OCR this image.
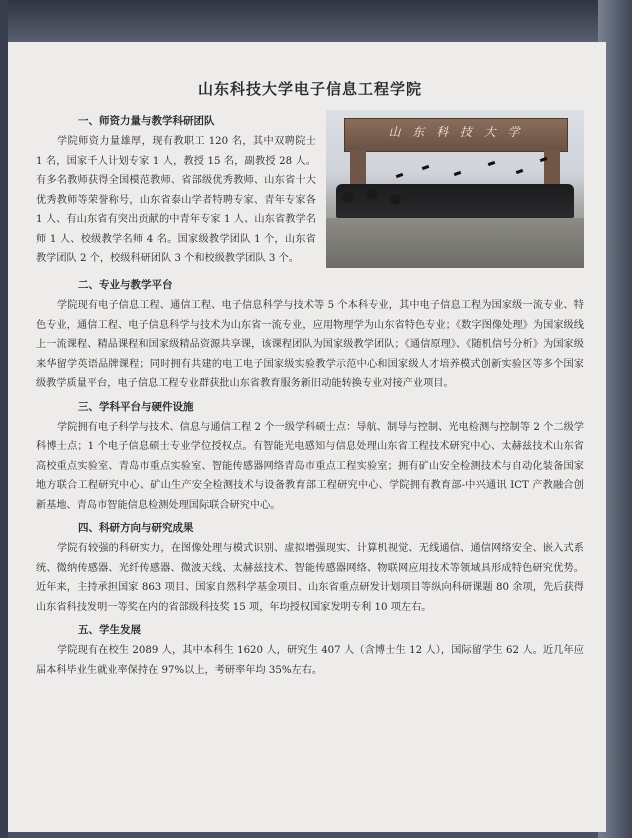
山东科技大学电子信息工程学院
山 东 科 技 大 学
一、师资力量与教学科研团队
学院师资力量雄厚，现有教职工 120 名，其中双聘院士 1 名，国家千人计划专家 1 人，教授 15 名，副教授 28 人。有多名教师获得全国模范教师、省部级优秀教师、山东省十大优秀教师等荣誉称号，山东省泰山学者特聘专家、青年专家各 1 人、有山东省有突出贡献的中青年专家 1 人、山东省教学名师 1 人、校级教学名师 4 名。国家级教学团队 1 个，山东省教学团队 2 个，校级科研团队 3 个和校级教学团队 3 个。
二、专业与教学平台
学院现有电子信息工程、通信工程、电子信息科学与技术等 5 个本科专业，其中电子信息工程为国家级一流专业、特色专业，通信工程、电子信息科学与技术为山东省一流专业，应用物理学为山东省特色专业；《数字图像处理》为国家级线上一流课程、精品课程和国家级精品资源共享课，该课程团队为国家级教学团队；《通信原理》、《随机信号分析》为国家级来华留学英语品牌课程；同时拥有共建的电工电子国家级实验教学示范中心和国家级人才培养模式创新实验区等多个国家级教学质量平台，电子信息工程专业群获批山东省教育服务新旧动能转换专业对接产业项目。
三、学科平台与硬件设施
学院拥有电子科学与技术、信息与通信工程 2 个一级学科硕士点：导航、制导与控制、光电检测与控制等 2 个二级学科博士点；1 个电子信息硕士专业学位授权点。有智能光电感知与信息处理山东省工程技术研究中心、太赫兹技术山东省高校重点实验室、青岛市重点实验室、智能传感器网络青岛市重点工程实验室；拥有矿山安全检测技术与自动化装备国家地方联合工程研究中心、矿山生产安全检测技术与设备教育部工程研究中心、学院拥有教育部-中兴通讯 ICT 产教融合创新基地、青岛市智能信息检测处理国际联合研究中心。
四、科研方向与研究成果
学院有较强的科研实力，在图像处理与模式识别、虚拟增强现实、计算机视觉、无线通信、通信网络安全、嵌入式系统、微纳传感器、光纤传感器、微波天线、太赫兹技术、智能传感器网络、物联网应用技术等领域具形成特色研究优势。近年来，主持承担国家 863 项目、国家自然科学基金项目、山东省重点研发计划项目等纵向科研课题 80 余项，先后获得山东省科技发明一等奖在内的省部级科技奖 15 项，年均授权国家发明专利 10 项左右。
五、学生发展
学院现有在校生 2089 人，其中本科生 1620 人，研究生 407 人（含博士生 12 人），国际留学生 62 人。近几年应届本科毕业生就业率保持在 97%以上，考研率年均 35%左右。
